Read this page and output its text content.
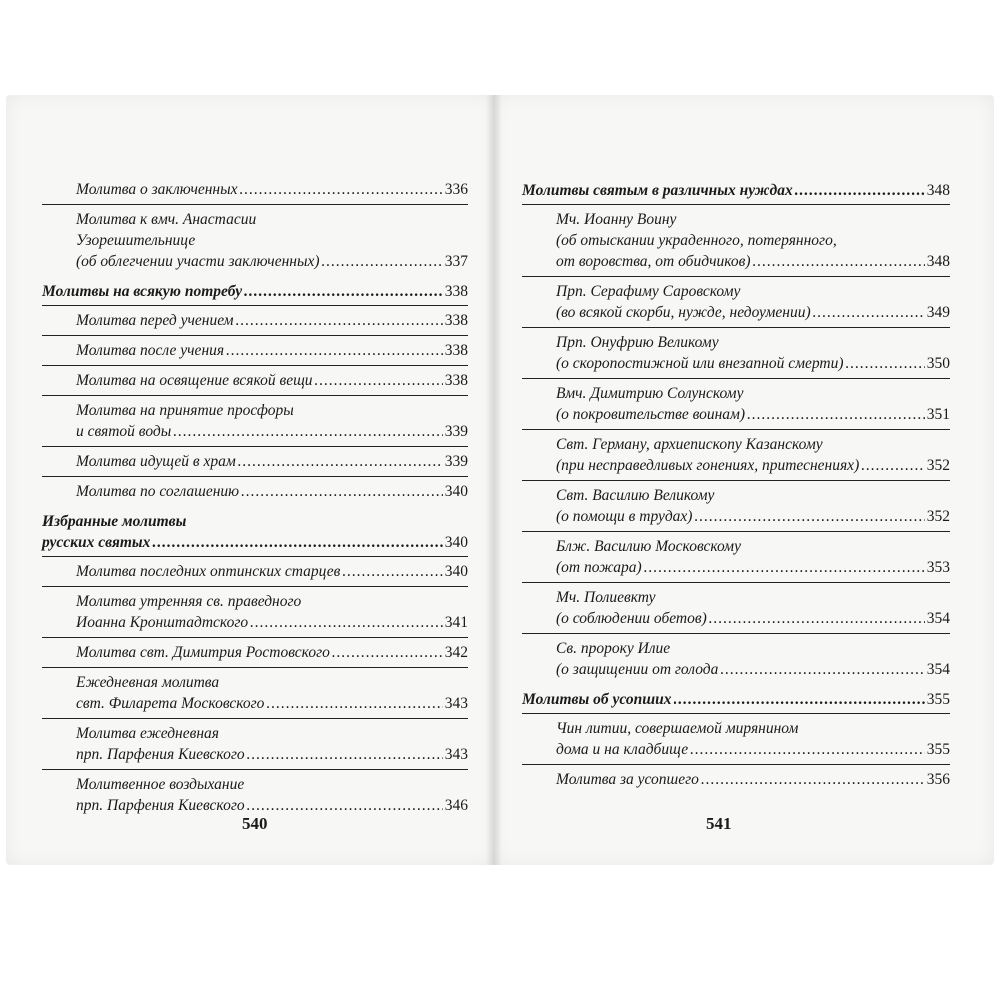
Молитва о заключенных .....	336
Молитва к вмч. Анастасии
Узорешительнице
(об облегчении участи заключенных) .....	337
Молитвы на всякую потребу .....	338
Молитва перед учением .....	338
Молитва после учения .....	338
Молитва на освящение всякой вещи .....	338
Молитва на принятие просфоры
и святой воды .....	339
Молитва идущей в храм .....	339
Молитва по соглашению .....	340
Избранные молитвы
русских святых .....	340
Молитва последних оптинских старцев .....	340
Молитва утренняя св. праведного
Иоанна Кронштадтского .....	341
Молитва свт. Димитрия Ростовского .....	342
Ежедневная молитва
свт. Филарета Московского .....	343
Молитва ежедневная
прп. Парфения Киевского .....	343
Молитвенное воздыхание
прп. Парфения Киевского .....	346
540
Молитвы святым в различных нуждах .....	348
Мч. Иоанну Воину
(об отыскании украденного, потерянного,
от воровства, от обидчиков) .....	348
Прп. Серафиму Саровскому
(во всякой скорби, нужде, недоумении) .....	349
Прп. Онуфрию Великому
(о скоропостижной или внезапной смерти) .....	350
Вмч. Димитрию Солунскому
(о покровительстве воинам) .....	351
Свт. Герману, архиепископу Казанскому
(при несправедливых гонениях, притеснениях) .....	352
Свт. Василию Великому
(о помощи в трудах) .....	352
Блж. Василию Московскому
(от пожара) .....	353
Мч. Полиевкту
(о соблюдении обетов) .....	354
Св. пророку Илие
(о защищении от голода .....	354
Молитвы об усопших .....	355
Чин литии, совершаемой мирянином
дома и на кладбище .....	355
Молитва за усопшего .....	356
541
